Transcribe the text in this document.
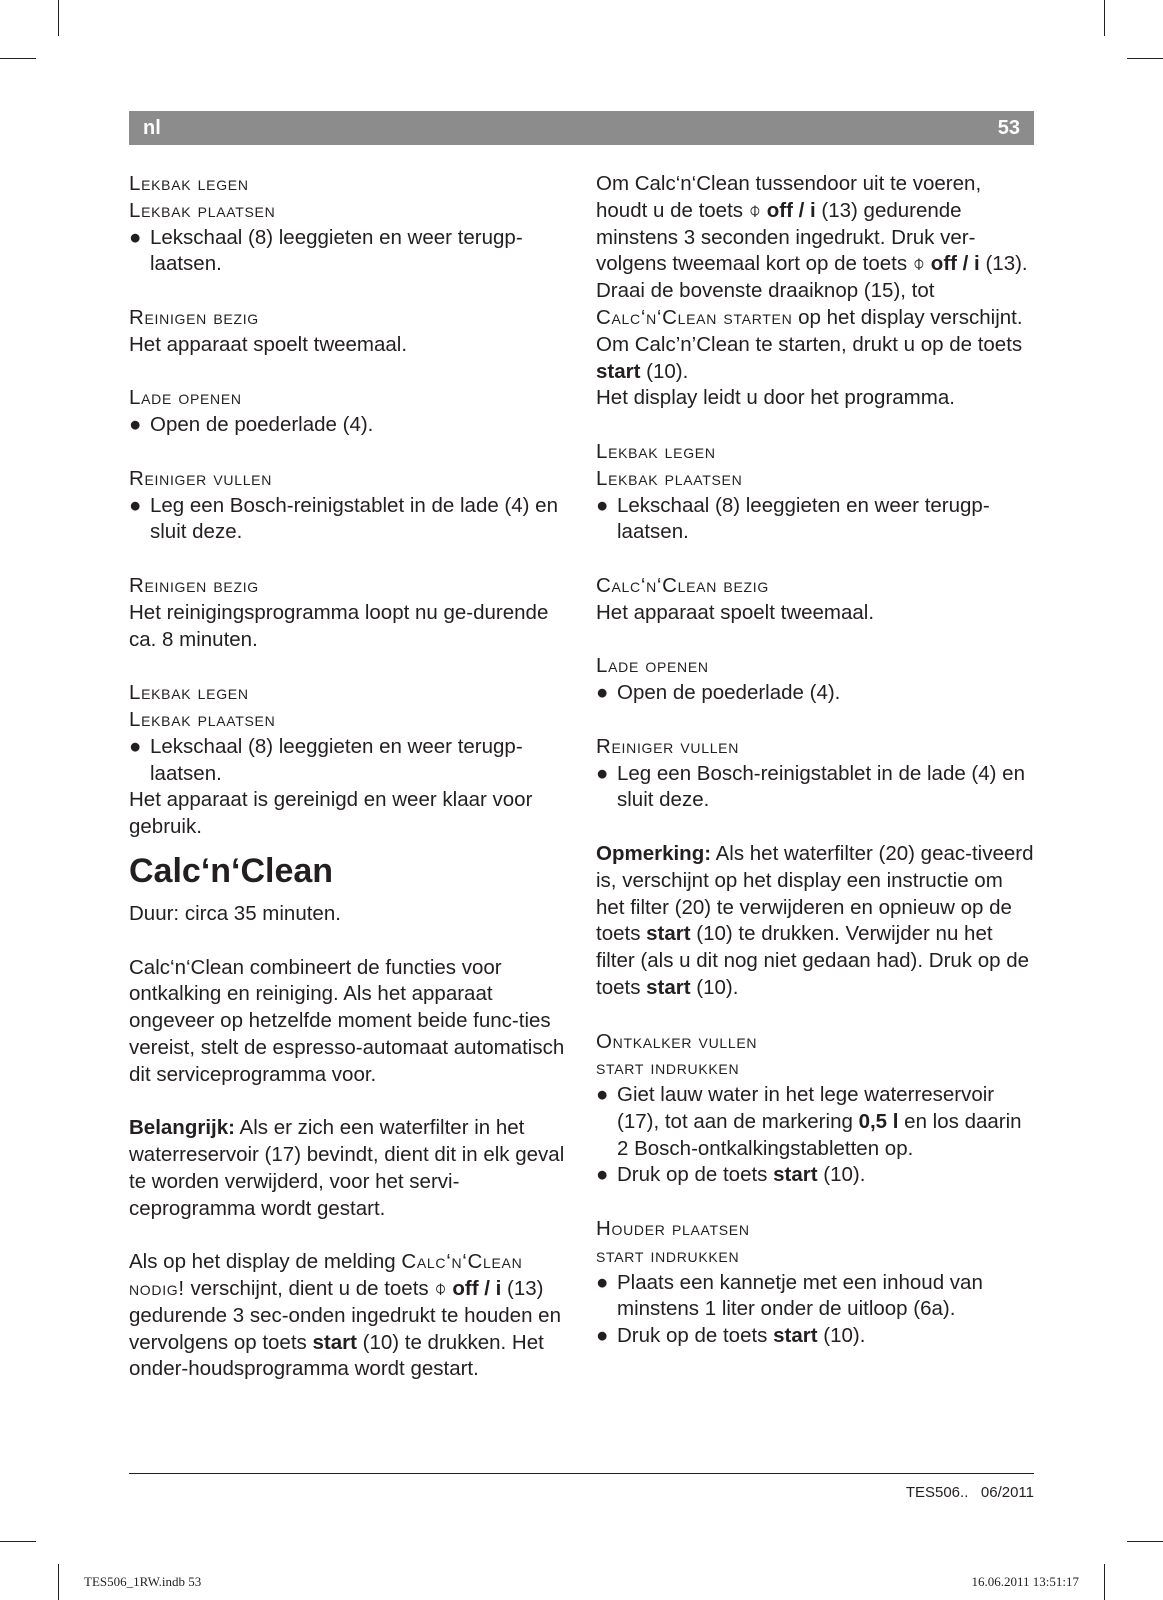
nl	53

Lekbak legen

Lekbak plaatsen

● Lekschaal (8) leeggieten en weer terugp-laatsen.

Reinigen bezig

Het apparaat spoelt tweemaal.

Lade openen

● Open de poederlade (4).

Reiniger vullen

● Leg een Bosch-reinigstablet in de lade (4) en sluit deze.

Reinigen bezig

Het reinigingsprogramma loopt nu ge-durende ca. 8 minuten.

Lekbak legen

Lekbak plaatsen

● Lekschaal (8) leeggieten en weer terugp-laatsen.

Het apparaat is gereinigd en weer klaar voor gebruik.

Calc‘n‘Clean

Duur: circa 35 minuten.

Calc‘n‘Clean combineert de functies voor ontkalking en reiniging. Als het apparaat ongeveer op hetzelfde moment beide func-ties vereist, stelt de espresso-automaat automatisch dit serviceprogramma voor.

Belangrijk: Als er zich een waterfilter in het waterreservoir (17) bevindt, dient dit in elk geval te worden verwijderd, voor het servi-ceprogramma wordt gestart.

Als op het display de melding Calc‘n‘Clean nodig! verschijnt, dient u de toets ⌽ off / i (13) gedurende 3 sec-onden ingedrukt te houden en vervolgens op toets start (10) te drukken. Het onder-houdsprogramma wordt gestart.

Om Calc‘n‘Clean tussendoor uit te voeren, houdt u de toets ⌽ off / i (13) gedurende minstens 3 seconden ingedrukt. Druk ver-volgens tweemaal kort op de toets ⌽ off / i (13). Draai de bovenste draaiknop (15), tot Calc‘n‘Clean starten op het display verschijnt. Om Calc’n’Clean te starten, drukt u op de toets start (10).

Het display leidt u door het programma.

Lekbak legen

Lekbak plaatsen

● Lekschaal (8) leeggieten en weer terugp-laatsen.

Calc‘n‘Clean bezig

Het apparaat spoelt tweemaal.

Lade openen

● Open de poederlade (4).

Reiniger vullen

● Leg een Bosch-reinigstablet in de lade (4) en sluit deze.

Opmerking: Als het waterfilter (20) geac-tiveerd is, verschijnt op het display een instructie om het filter (20) te verwijderen en opnieuw op de toets start (10) te drukken. Verwijder nu het filter (als u dit nog niet gedaan had). Druk op de toets start (10).

Ontkalker vullen

start indrukken

● Giet lauw water in het lege waterreservoir (17), tot aan de markering 0,5 l en los daarin 2 Bosch-ontkalkingstabletten op.

● Druk op de toets start (10).

Houder plaatsen

start indrukken

● Plaats een kannetje met een inhoud van minstens 1 liter onder de uitloop (6a).

● Druk op de toets start (10).

TES506.. 06/2011
TES506_1RW.indb 53	16.06.2011 13:51:17
